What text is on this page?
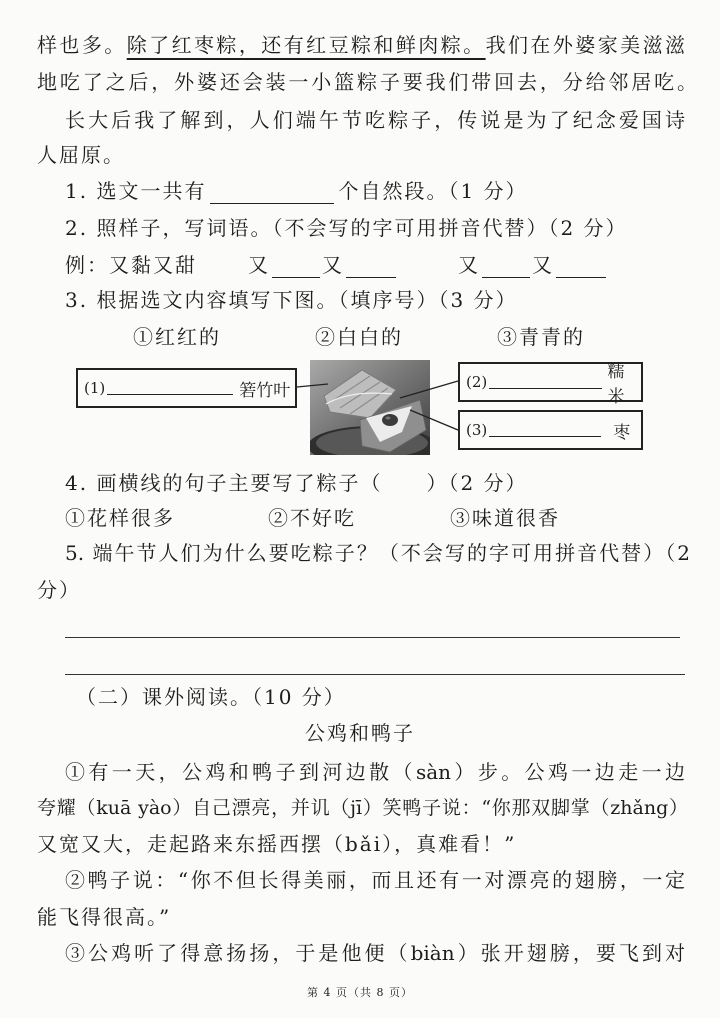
样也多。除了红枣粽，还有红豆粽和鲜肉粽。我们在外婆家美滋滋
地吃了之后，外婆还会装一小篮粽子要我们带回去，分给邻居吃。
长大后我了解到，人们端午节吃粽子，传说是为了纪念爱国诗
人屈原。
1. 选文一共有	个自然段。（1 分）
2. 照样子，写词语。（不会写的字可用拼音代替）（2 分）
例：又黏又甜	又	又	又	又
3. 根据选文内容填写下图。（填序号）（3 分）
①红红的	②白白的	③青青的
(1)	箬竹叶	(2)	糯米
(3)	枣
4. 画横线的句子主要写了粽子（　　）（2 分）
①花样很多	②不好吃	③味道很香
5. 端午节人们为什么要吃粽子？（不会写的字可用拼音代替）（2
分）
（二）课外阅读。（10 分）
公鸡和鸭子
①有一天，公鸡和鸭子到河边散（sàn）步。公鸡一边走一边
夸耀（kuā yào）自己漂亮，并讥（jī）笑鸭子说：“你那双脚掌（zhǎng）
又宽又大，走起路来东摇西摆（bǎi），真难看！”
②鸭子说：“你不但长得美丽，而且还有一对漂亮的翅膀，一定
能飞得很高。”
③公鸡听了得意扬扬，于是他便（biàn）张开翅膀，要飞到对
第 4 页（共 8 页）
